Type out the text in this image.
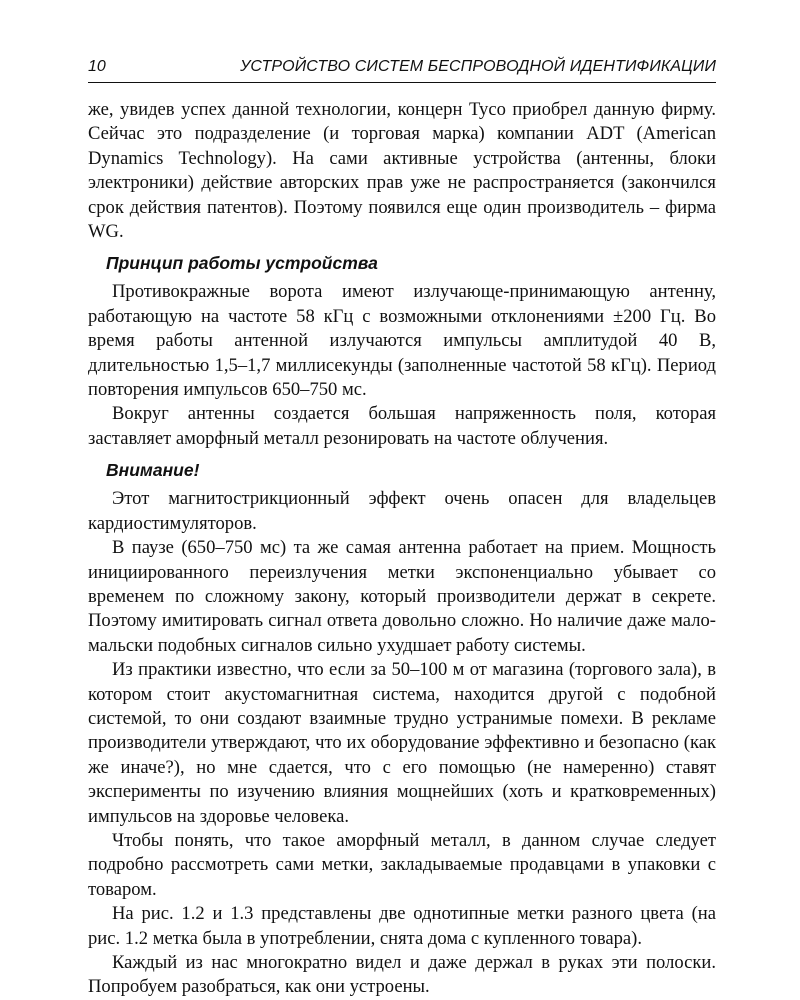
10	УСТРОЙСТВО СИСТЕМ БЕСПРОВОДНОЙ ИДЕНТИФИКАЦИИ

же, увидев успех данной технологии, концерн Tyco приобрел данную фирму. Сейчас это подразделение (и торговая марка) компании ADT (American Dynamics Technology). На сами активные устройства (антенны, блоки электроники) действие авторских прав уже не распространяется (закончился срок действия патентов). Поэтому появился еще один производитель – фирма WG.

Принцип работы устройства

Противокражные ворота имеют излучающе-принимающую антенну, работающую на частоте 58 кГц с возможными отклонениями ±200 Гц. Во время работы антенной излучаются импульсы амплитудой 40 В, длительностью 1,5–1,7 миллисекунды (заполненные частотой 58 кГц). Период повторения импульсов 650–750 мс.

Вокруг антенны создается большая напряженность поля, которая заставляет аморфный металл резонировать на частоте облучения.

Внимание!

Этот магнитострикционный эффект очень опасен для владельцев кардиостимуляторов.

В паузе (650–750 мс) та же самая антенна работает на прием. Мощность инициированного переизлучения метки экспоненциально убывает со временем по сложному закону, который производители держат в секрете. Поэтому имитировать сигнал ответа довольно сложно. Но наличие даже мало-мальски подобных сигналов сильно ухудшает работу системы.

Из практики известно, что если за 50–100 м от магазина (торгового зала), в котором стоит акустомагнитная система, находится другой с подобной системой, то они создают взаимные трудно устранимые помехи. В рекламе производители утверждают, что их оборудование эффективно и безопасно (как же иначе?), но мне сдается, что с его помощью (не намеренно) ставят эксперименты по изучению влияния мощнейших (хоть и кратковременных) импульсов на здоровье человека.

Чтобы понять, что такое аморфный металл, в данном случае следует подробно рассмотреть сами метки, закладываемые продавцами в упаковки с товаром.

На рис. 1.2 и 1.3 представлены две однотипные метки разного цвета (на рис. 1.2 метка была в употреблении, снята дома с купленного товара).

Каждый из нас многократно видел и даже держал в руках эти полоски. Попробуем разобраться, как они устроены.
